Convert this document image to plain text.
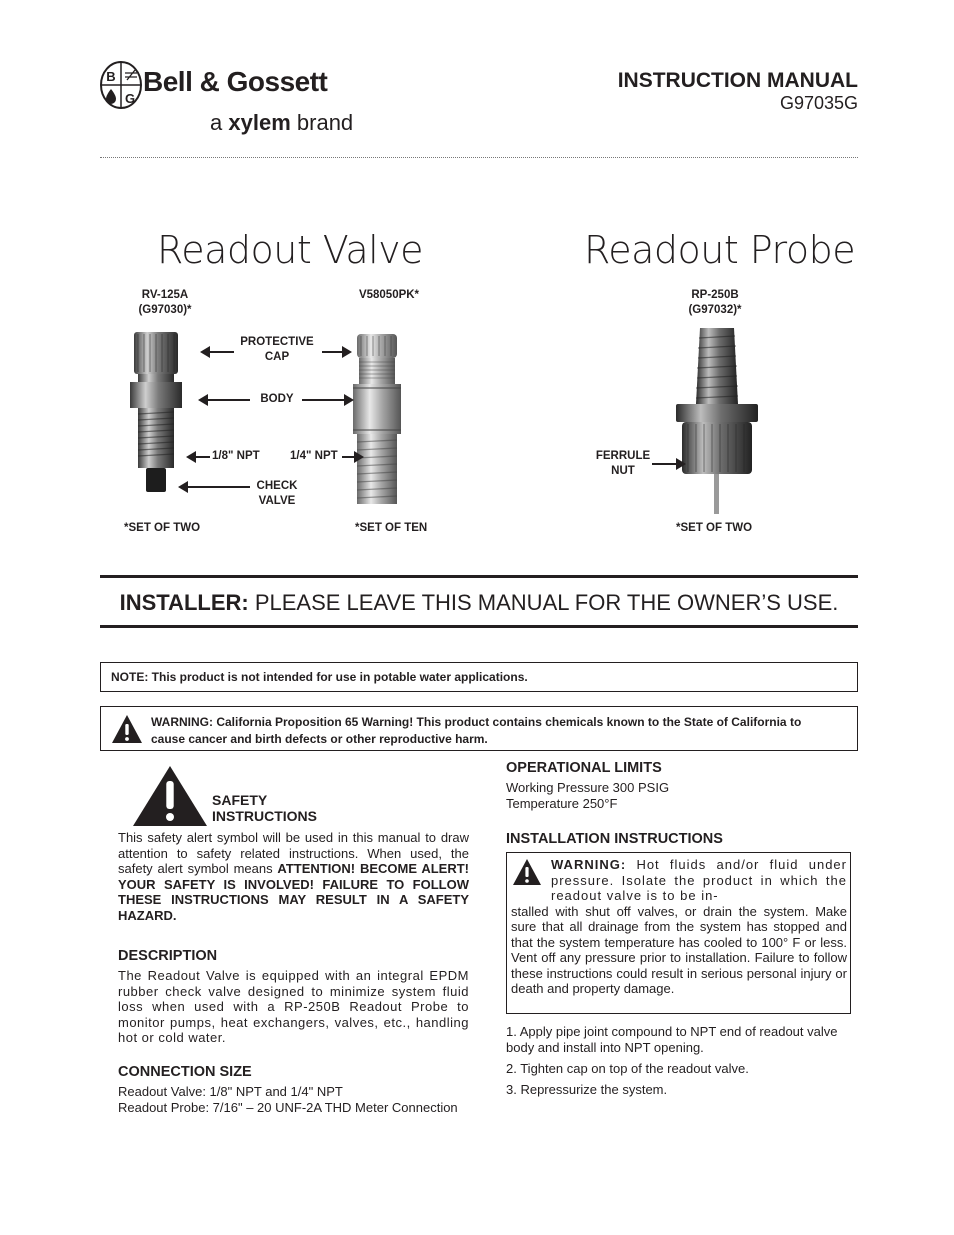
B
G
Bell & Gossett
a xylem brand
INSTRUCTION MANUAL
G97035G
Readout Valve	Readout Probe
RV-125A
(G97030)*
V58050PK*	RP-250B
(G97032)*
PROTECTIVE
CAP
BODY
1/8" NPT	1/4" NPT
CHECK
VALVE
FERRULE
NUT
*SET OF TWO	*SET OF TEN	*SET OF TWO
INSTALLER: PLEASE LEAVE THIS MANUAL FOR THE OWNER’S USE.
NOTE: This product is not intended for use in potable water applications.
WARNING: California Proposition 65 Warning! This product contains chemicals known to the State of California to
cause cancer and birth defects or other reproductive harm.
SAFETY
INSTRUCTIONS

This safety alert symbol will be used in this manual to draw attention to safety related instructions. When used, the safety alert symbol means ATTENTION! BECOME ALERT! YOUR SAFETY IS INVOLVED! FAILURE TO FOLLOW THESE INSTRUCTIONS MAY RESULT IN A SAFETY HAZARD.

DESCRIPTION

The Readout Valve is equipped with an integral EPDM rubber check valve designed to minimize system fluid loss when used with a RP-250B Readout Probe to monitor pumps, heat exchangers, valves, etc., handling hot or cold water.

CONNECTION SIZE
Readout Valve: 1/8" NPT and 1/4" NPT
Readout Probe: 7/16" – 20 UNF-2A THD Meter Connection
OPERATIONAL LIMITS
Working Pressure 300 PSIG
Temperature 250°F
INSTALLATION INSTRUCTIONS
WARNING: Hot fluids and/or fluid under pressure. Isolate the product in which the readout valve is to be in-
stalled with shut off valves, or drain the system. Make sure that all drainage from the system has stopped and that the system temperature has cooled to 100° F or less. Vent off any pressure prior to installation. Failure to follow these instructions could result in serious personal injury or death and property damage.
1. Apply pipe joint compound to NPT end of readout valve body and install into NPT opening.
2. Tighten cap on top of the readout valve.
3. Repressurize the system.
